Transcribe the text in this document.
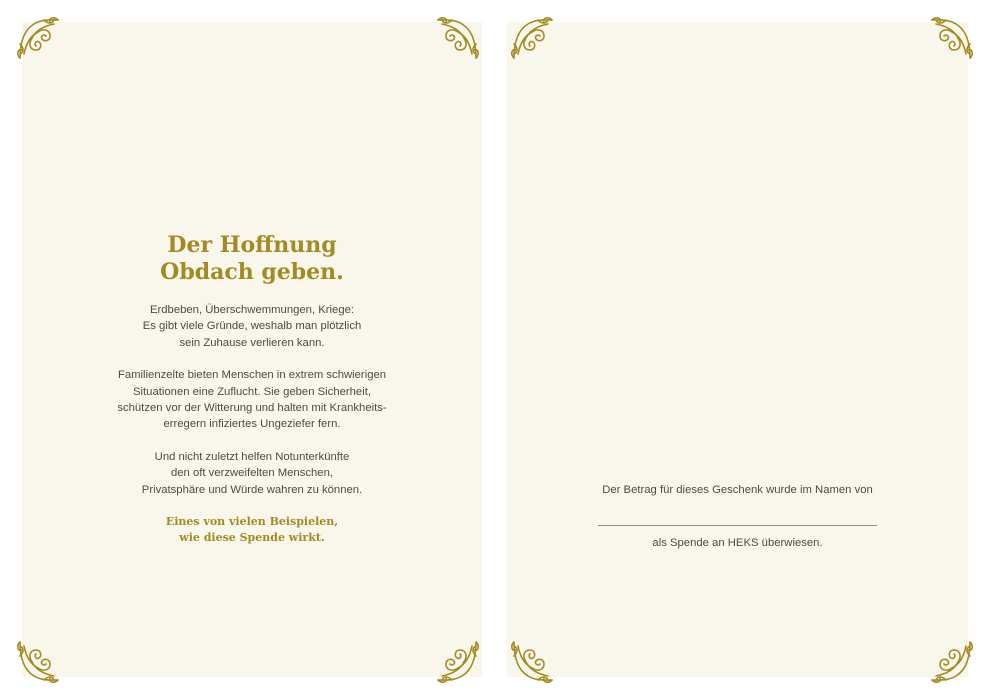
Der Hoffnung
Obdach geben.

Erdbeben, Überschwemmungen, Kriege:
Es gibt viele Gründe, weshalb man plötzlich
sein Zuhause verlieren kann.

Familienzelte bieten Menschen in extrem schwierigen
Situationen eine Zuflucht. Sie geben Sicherheit,
schützen vor der Witterung und halten mit Krankheits-
erregern infiziertes Ungeziefer fern.

Und nicht zuletzt helfen Notunterkünfte
den oft verzweifelten Menschen,
Privatsphäre und Würde wahren zu können.

Eines von vielen Beispielen,
wie diese Spende wirkt.

Der Betrag für dieses Geschenk wurde im Namen von

als Spende an HEKS überwiesen.
